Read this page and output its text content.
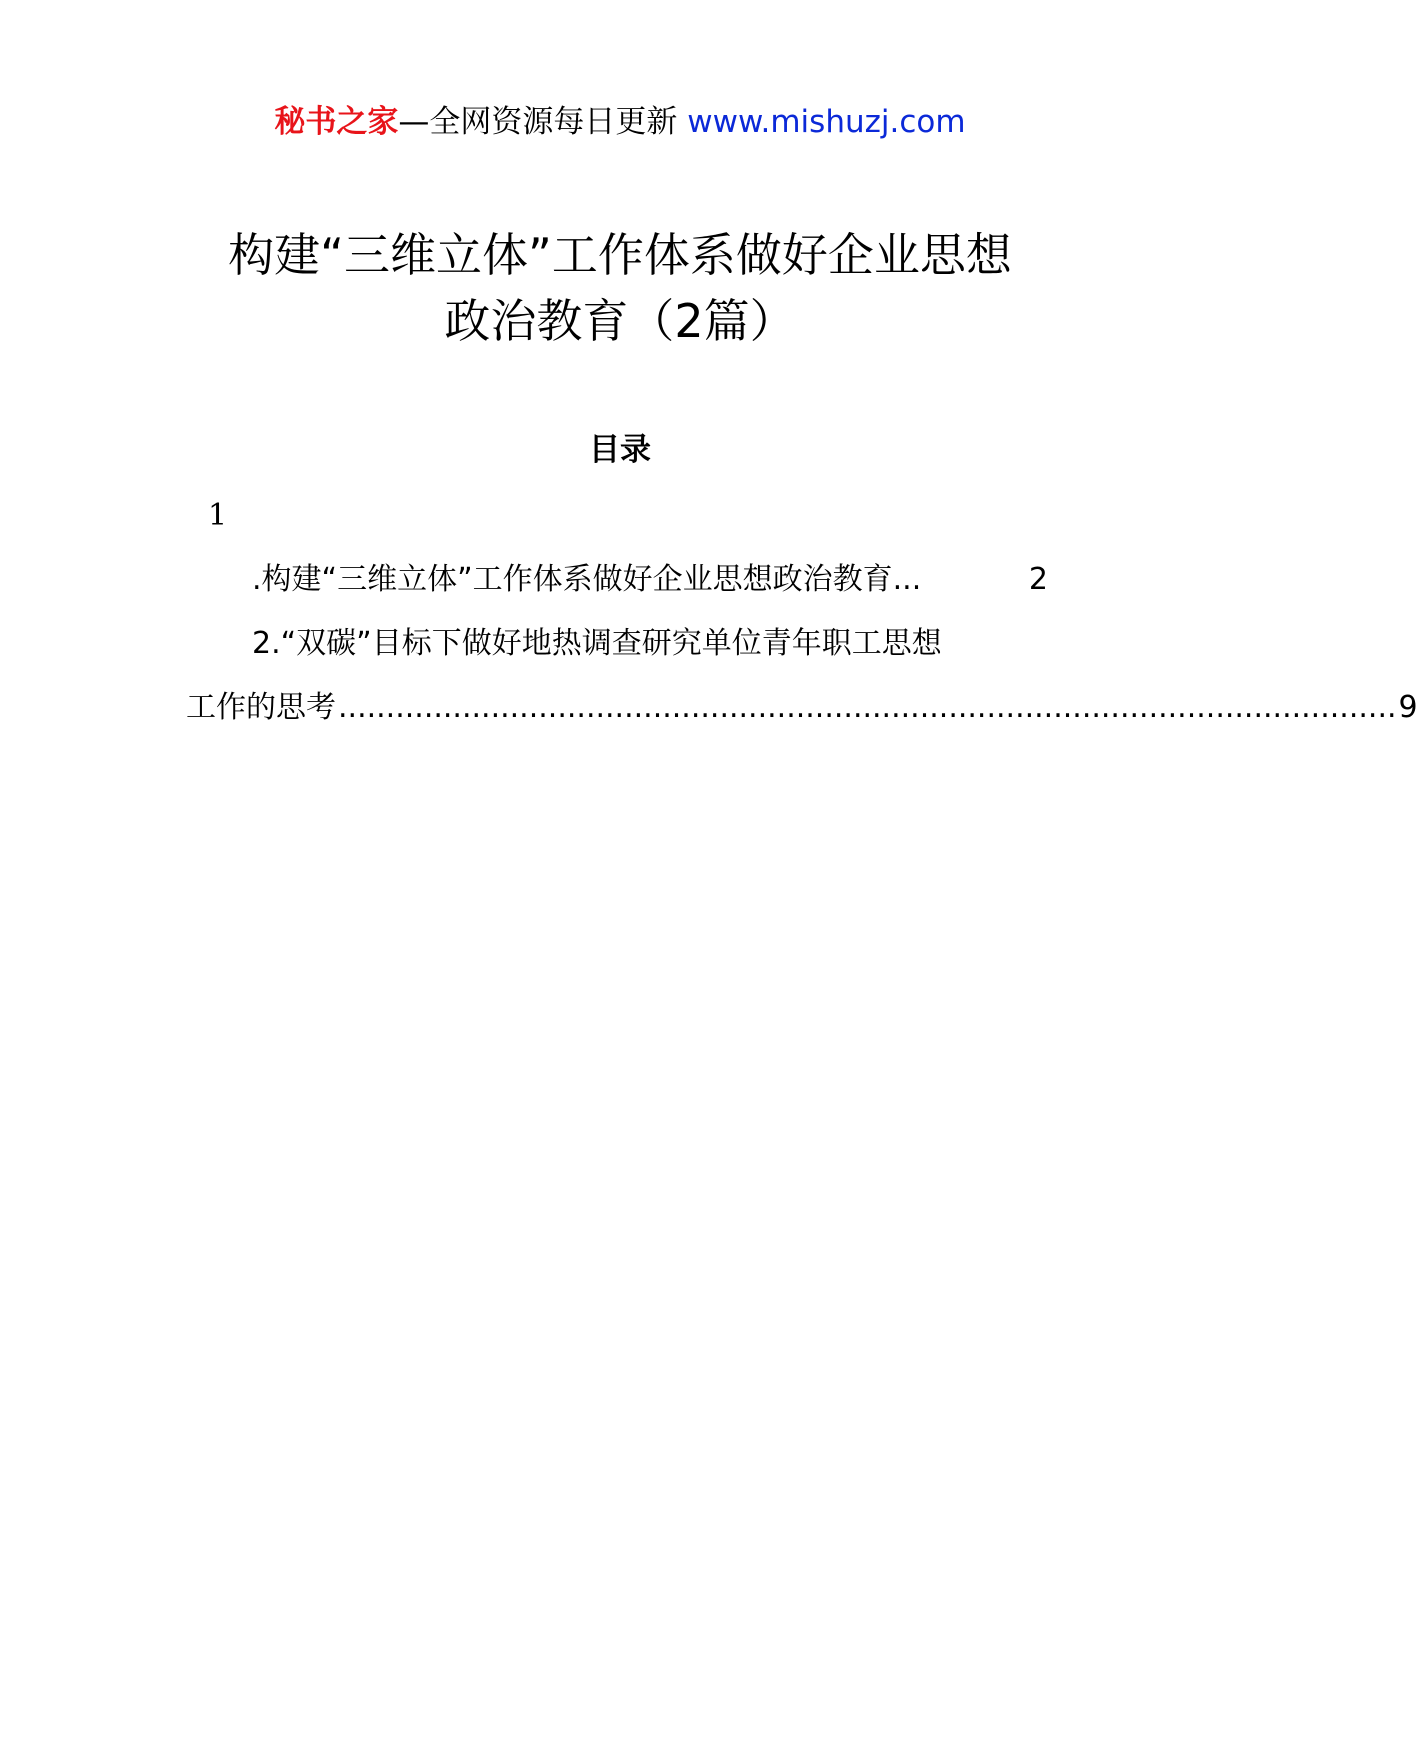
秘书之家—全网资源每日更新 www.mishuzj.com
构建“三维立体”工作体系做好企业思想
政治教育（2篇）
目录
1
.构建“三维立体”工作体系做好企业思想政治教育 ...	2
2.“双碳”目标下做好地热调查研究单位青年职工思想
工作的思考 ............................................................................................................... 9
